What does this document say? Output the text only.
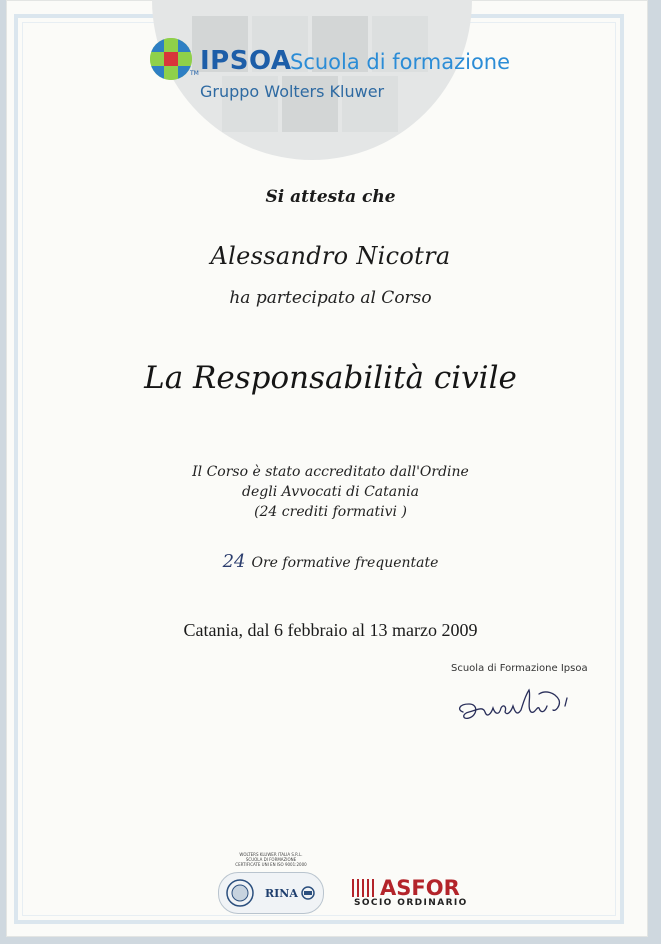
TM IPSOA
Scuola di formazione
Gruppo Wolters Kluwer
Si attesta che
Alessandro Nicotra
ha partecipato al Corso
La Responsabilità civile
Il Corso è stato accreditato dall'Ordine
degli Avvocati di Catania
(24 crediti formativi )
24 Ore formative frequentate
Catania, dal 6 febbraio al 13 marzo 2009
Scuola di Formazione Ipsoa
WOLTERS KLUWER ITALIA S.R.L.
SCUOLA DI FORMAZIONE
CERTIFICATE UNI EN ISO 9001:2000
RINA	ASFOR
SOCIO ORDINARIO
